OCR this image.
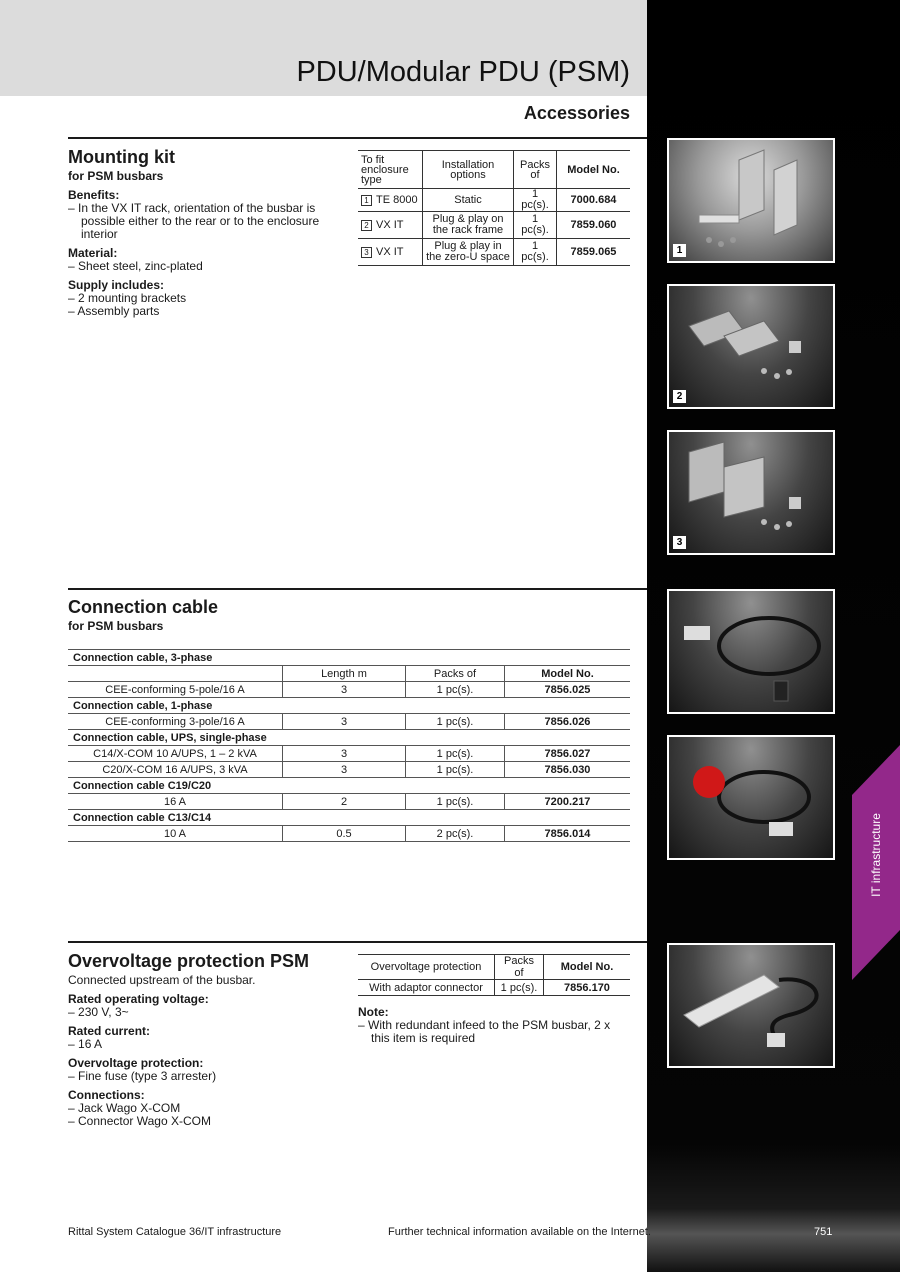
PDU/Modular PDU (PSM)
Accessories
IT infrastructure
1
2
3
Mounting kit
for PSM busbars
Benefits:
– In the VX IT rack, orientation of the busbar is possible either to the rear or to the enclosure interior
Material:
– Sheet steel, zinc-plated
Supply includes:
– 2 mounting brackets
– Assembly parts
To fit enclosure type	Installation options	Packs of	Model No.
1 TE 8000	Static	1 pc(s).	7000.684
2 VX IT	Plug & play on the rack frame	1 pc(s).	7859.060
3 VX IT	Plug & play in the zero-U space	1 pc(s).	7859.065
Connection cable
for PSM busbars
Connection cable, 3-phase			
	Length m	Packs of	Model No.
CEE-conforming 5-pole/16 A	3	1 pc(s).	7856.025
Connection cable, 1-phase			
CEE-conforming 3-pole/16 A	3	1 pc(s).	7856.026
Connection cable, UPS, single-phase			
C14/X-COM 10 A/UPS, 1 – 2 kVA	3	1 pc(s).	7856.027
C20/X-COM 16 A/UPS, 3 kVA	3	1 pc(s).	7856.030
Connection cable C19/C20			
16 A	2	1 pc(s).	7200.217
Connection cable C13/C14			
10 A	0.5	2 pc(s).	7856.014
Overvoltage protection PSM
Connected upstream of the busbar.
Rated operating voltage:
– 230 V, 3~
Rated current:
– 16 A
Overvoltage protection:
– Fine fuse (type 3 arrester)
Connections:
– Jack Wago X-COM
– Connector Wago X-COM
Overvoltage protection	Packs of	Model No.
With adaptor connector	1 pc(s).	7856.170
Note:
– With redundant infeed to the PSM busbar, 2 x this item is required
Rittal System Catalogue 36/IT infrastructure	Further technical information available on the Internet.	751
